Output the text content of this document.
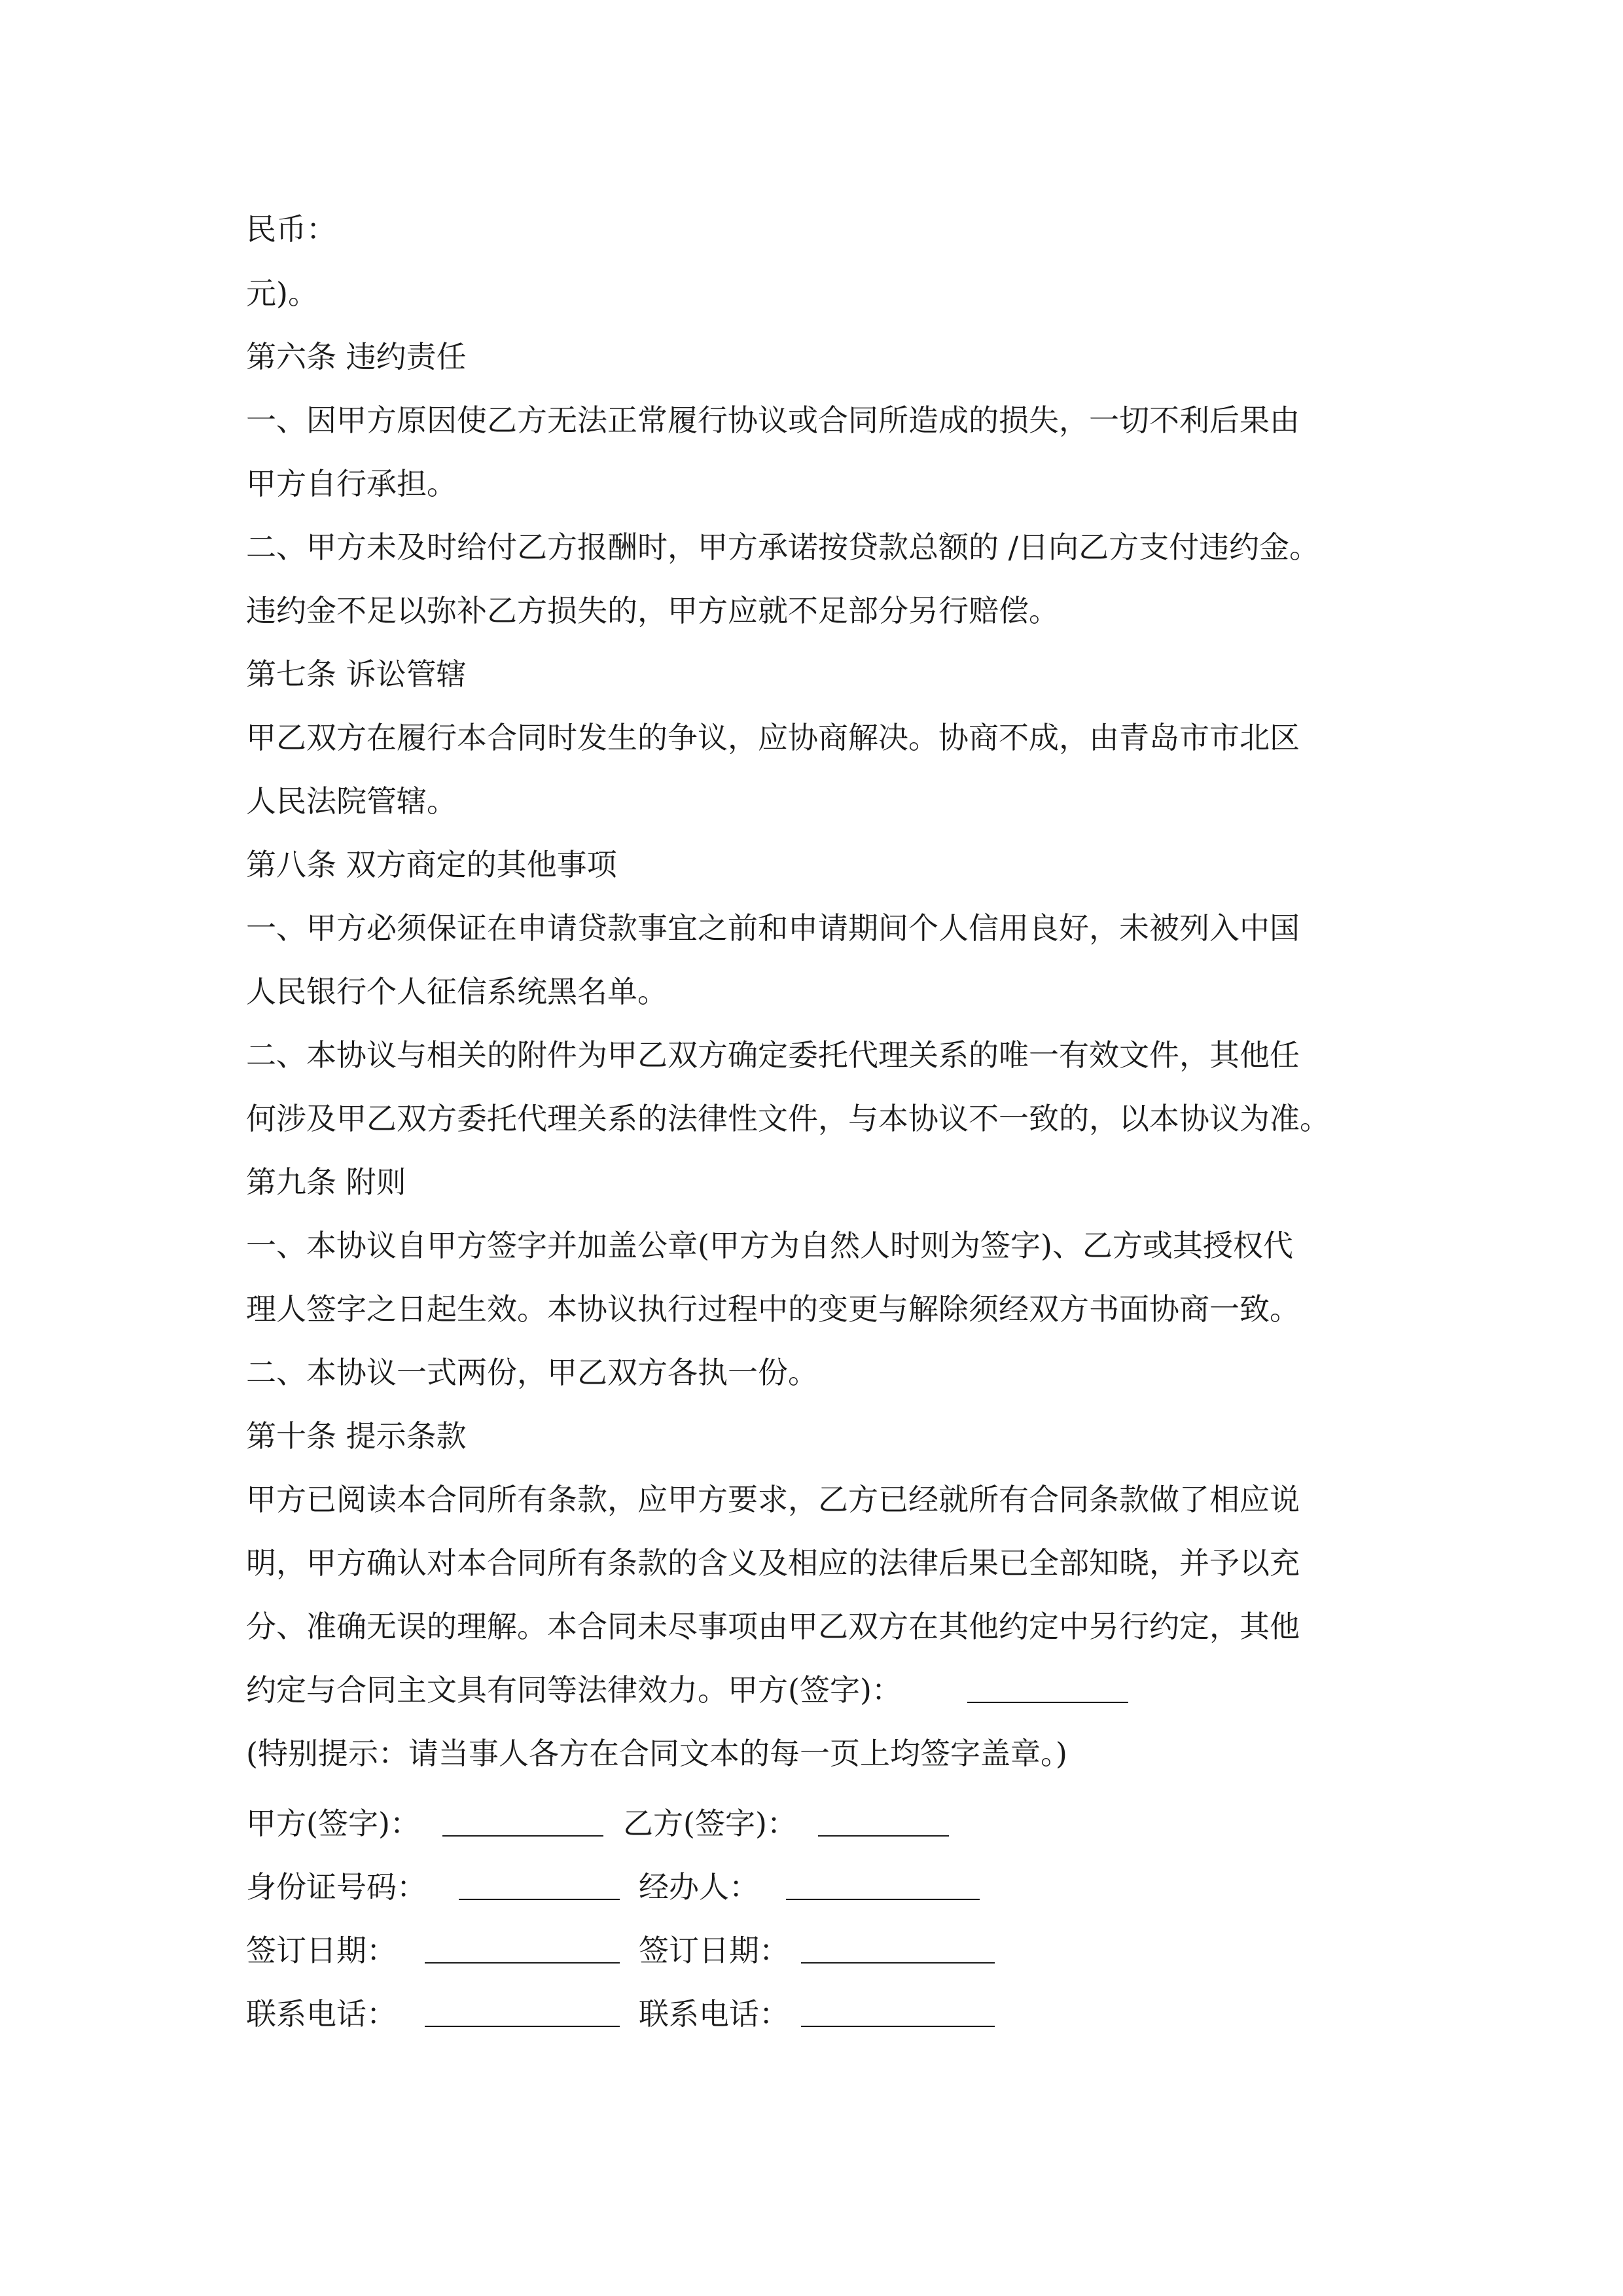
民币：

元)。

第六条 违约责任

一、因甲方原因使乙方无法正常履行协议或合同所造成的损失，一切不利后果由

甲方自行承担。

二、甲方未及时给付乙方报酬时，甲方承诺按贷款总额的 /日向乙方支付违约金。

违约金不足以弥补乙方损失的，甲方应就不足部分另行赔偿。

第七条 诉讼管辖

甲乙双方在履行本合同时发生的争议，应协商解决。协商不成，由青岛市市北区

人民法院管辖。

第八条 双方商定的其他事项

一、甲方必须保证在申请贷款事宜之前和申请期间个人信用良好，未被列入中国

人民银行个人征信系统黑名单。

二、本协议与相关的附件为甲乙双方确定委托代理关系的唯一有效文件，其他任

何涉及甲乙双方委托代理关系的法律性文件，与本协议不一致的，以本协议为准。

第九条 附则

一、本协议自甲方签字并加盖公章(甲方为自然人时则为签字)、乙方或其授权代

理人签字之日起生效。本协议执行过程中的变更与解除须经双方书面协商一致。

二、本协议一式两份，甲乙双方各执一份。

第十条 提示条款

甲方已阅读本合同所有条款，应甲方要求，乙方已经就所有合同条款做了相应说

明，甲方确认对本合同所有条款的含义及相应的法律后果已全部知晓，并予以充

分、准确无误的理解。本合同未尽事项由甲乙双方在其他约定中另行约定，其他

约定与合同主文具有同等法律效力。甲方(签字)：

(特别提示：请当事人各方在合同文本的每一页上均签字盖章。)

甲方(签字)：	乙方(签字)：
身份证号码：	经办人：
签订日期：	签订日期：
联系电话：	联系电话：
